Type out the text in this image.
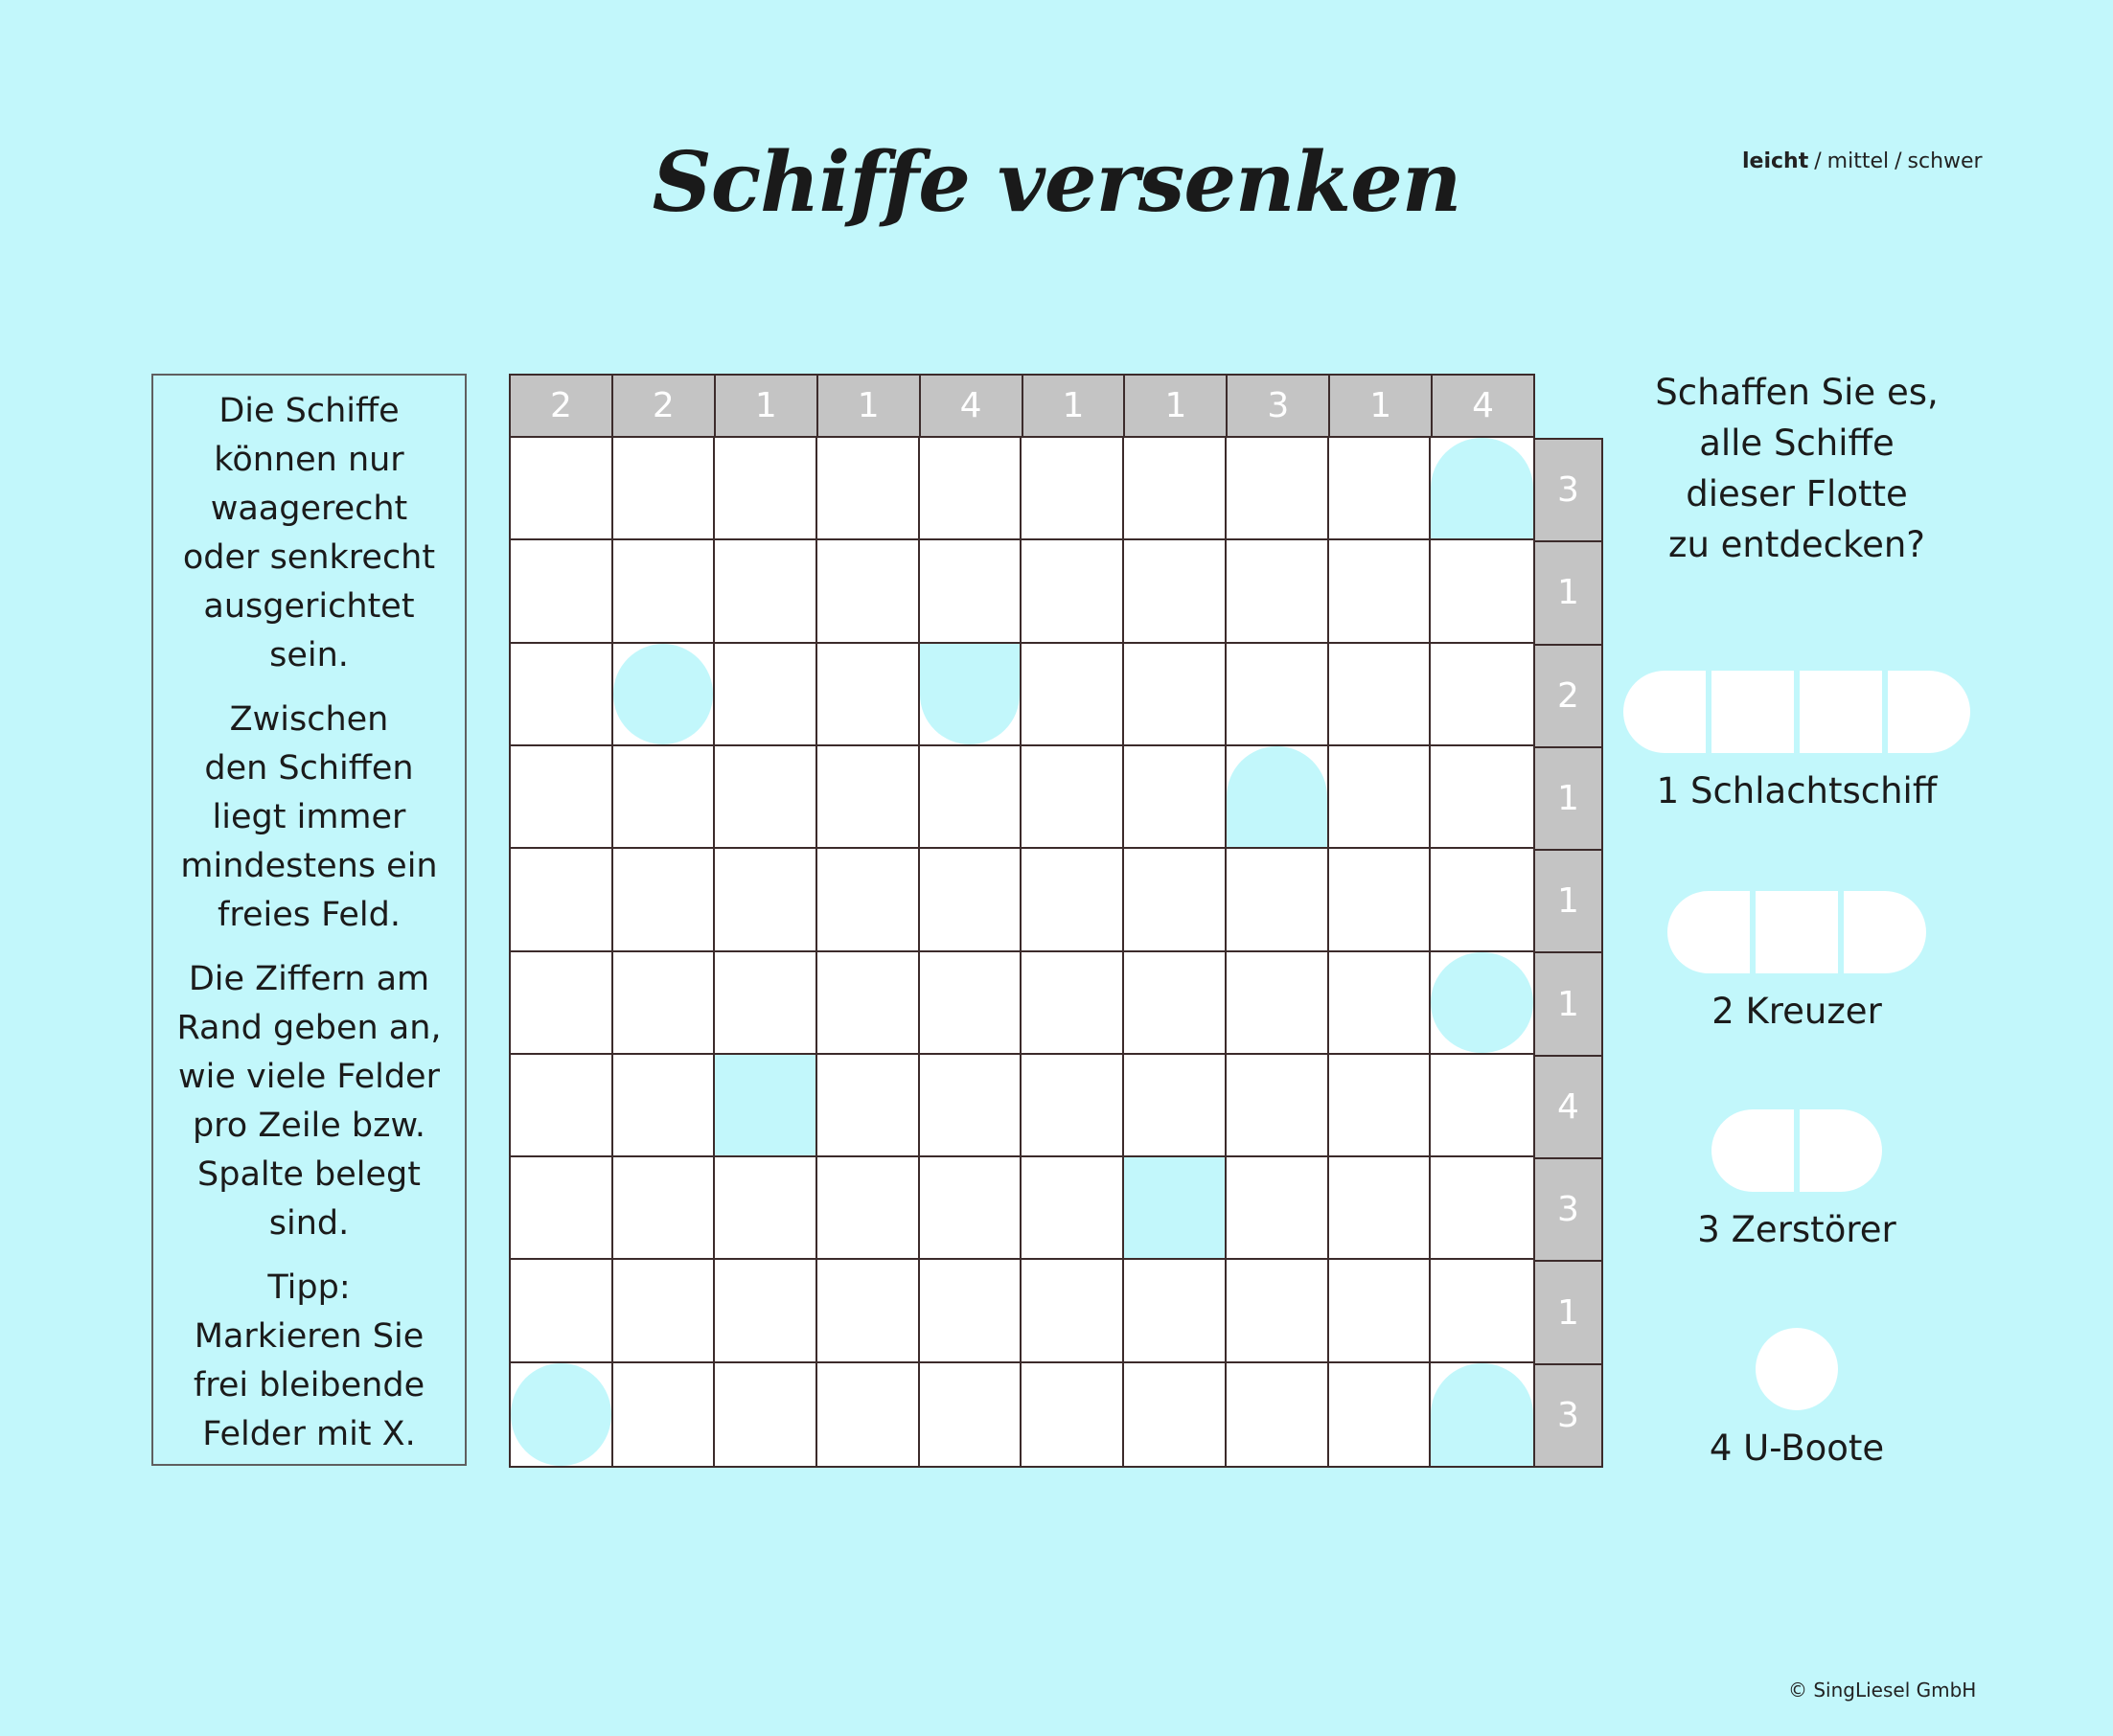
Schiffe versenken	leicht / mittel / schwer

Die Schiffe
können nur
waagerecht
oder senkrecht
ausgerichtet
sein.

Zwischen
den Schiffen
liegt immer
mindestens ein
freies Feld.

Die Ziffern am
Rand geben an,
wie viele Felder
pro Zeile bzw.
Spalte belegt
sind.

Tipp:
Markieren Sie
frei bleibende
Felder mit X.

2	2	1	1	4	1	1	3	1	4
3
1
2
1
1
1
4
3
1
3
Schaffen Sie es,
alle Schiffe
dieser Flotte
zu entdecken?
1 Schlachtschiff
2 Kreuzer
3 Zerstörer
4 U-Boote
© SingLiesel GmbH
